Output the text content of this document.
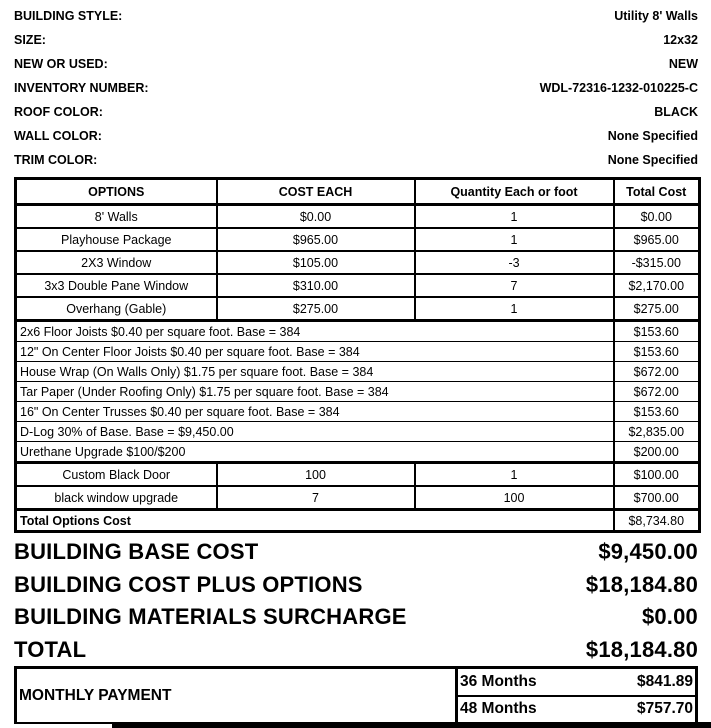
BUILDING STYLE:	Utility 8' Walls
SIZE:	12x32
NEW OR USED:	NEW
INVENTORY NUMBER:	WDL-72316-1232-010225-C
ROOF COLOR:	BLACK
WALL COLOR:	None Specified
TRIM COLOR:	None Specified
OPTIONS	COST EACH	Quantity Each or foot	Total Cost
8' Walls	$0.00	1	$0.00
Playhouse Package	$965.00	1	$965.00
2X3 Window	$105.00	-3	-$315.00
3x3 Double Pane Window	$310.00	7	$2,170.00
Overhang (Gable)	$275.00	1	$275.00
2x6 Floor Joists $0.40 per square foot. Base = 384			$153.60
12" On Center Floor Joists $0.40 per square foot. Base = 384			$153.60
House Wrap (On Walls Only) $1.75 per square foot. Base = 384			$672.00
Tar Paper (Under Roofing Only) $1.75 per square foot. Base = 384			$672.00
16" On Center Trusses $0.40 per square foot. Base = 384			$153.60
D-Log 30% of Base. Base = $9,450.00			$2,835.00
Urethane Upgrade $100/$200			$200.00
Custom Black Door	100	1	$100.00
black window upgrade	7	100	$700.00
Total Options Cost			$8,734.80
BUILDING BASE COST	$9,450.00
BUILDING COST PLUS OPTIONS	$18,184.80
BUILDING MATERIALS SURCHARGE	$0.00
TOTAL	$18,184.80
MONTHLY PAYMENT
36 Months	$841.89
48 Months	$757.70
